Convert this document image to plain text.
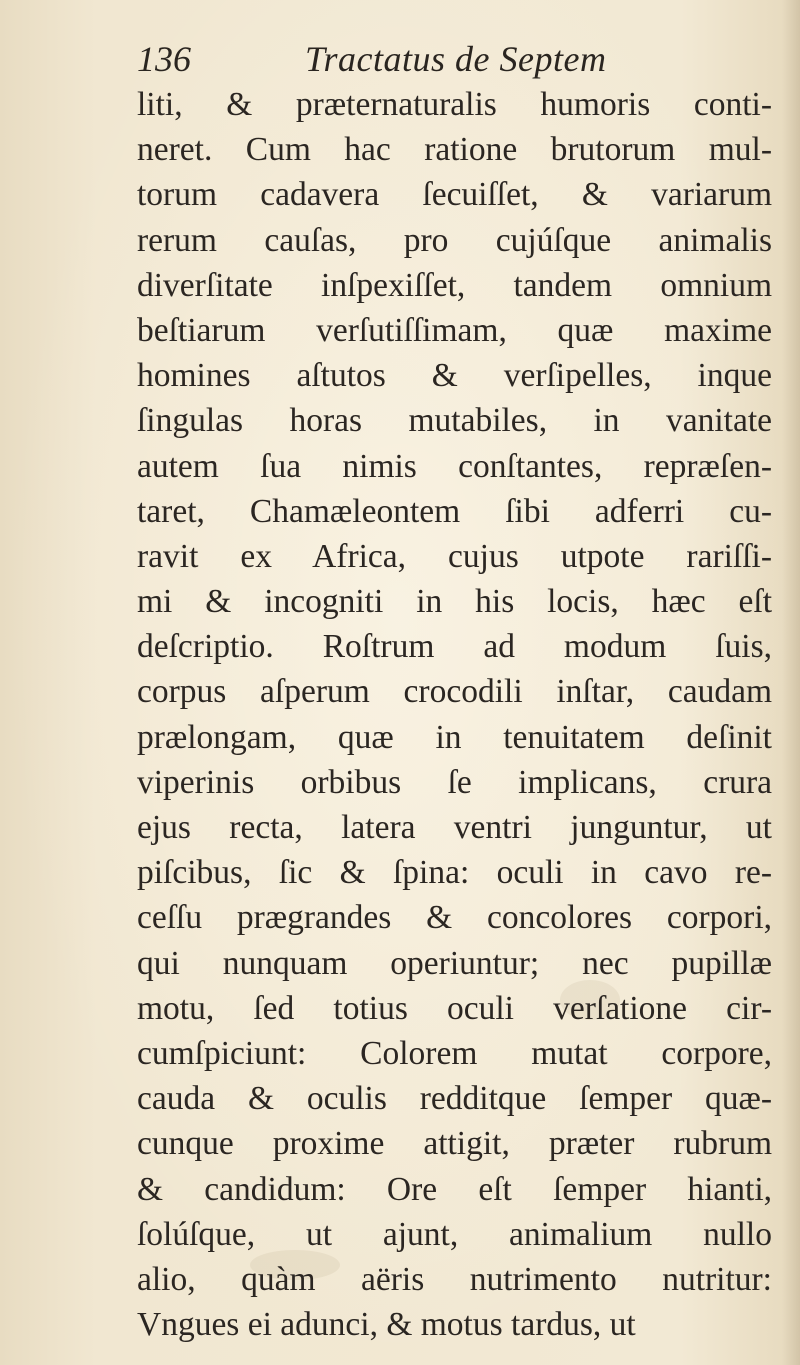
136	Tractatus de Septem
liti, & præternaturalis humoris conti-
neret. Cum hac ratione brutorum mul-
torum cadavera ſecuiſſet, & variarum
rerum cauſas, pro cujúſque animalis
diverſitate inſpexiſſet, tandem omnium
beſtiarum verſutiſſimam, quæ maxime
homines aſtutos & verſipelles, inque
ſingulas horas mutabiles, in vanitate
autem ſua nimis conſtantes, repræſen-
taret, Chamæleontem ſibi adferri cu-
ravit ex Africa, cujus utpote rariſſi-
mi & incogniti in his locis, hæc eſt
deſcriptio. Roſtrum ad modum ſuis,
corpus aſperum crocodili inſtar, caudam
prælongam, quæ in tenuitatem deſinit
viperinis orbibus ſe implicans, crura
ejus recta, latera ventri junguntur, ut
piſcibus, ſic & ſpina: oculi in cavo re-
ceſſu prægrandes & concolores corpori,
qui nunquam operiuntur; nec pupillæ
motu, ſed totius oculi verſatione cir-
cumſpiciunt: Colorem mutat corpore,
cauda & oculis redditque ſemper quæ-
cunque proxime attigit, præter rubrum
& candidum: Ore eſt ſemper hianti,
ſolúſque, ut ajunt, animalium nullo
alio, quàm aëris nutrimento nutritur:
Vngues ei adunci, & motus tardus, ut
